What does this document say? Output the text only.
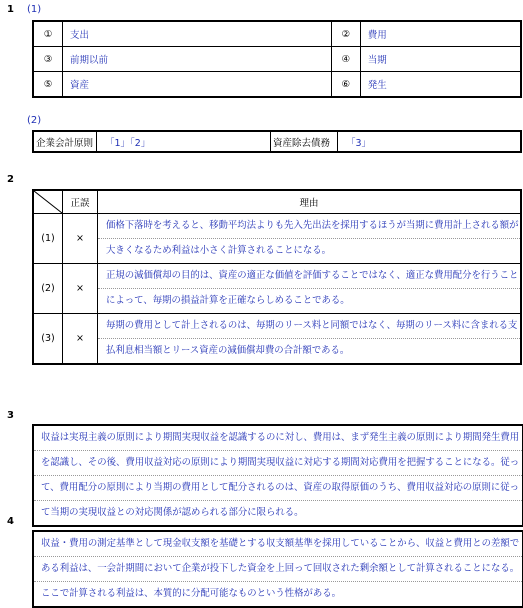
1 (1)
①	支出	②	費用
③	前期以前	④	当期
⑤	資産	⑥	発生
(2)
企業会計原則	「1」「2」	資産除去債務	「3」
2
	正誤	理由
(1)	×	価格下落時を考えると、移動平均法よりも先入先出法を採用するほうが当期に費用計上される額が
大きくなるため利益は小さく計算されることになる。

(2)	×	正規の減価償却の目的は、資産の適正な価値を評価することではなく、適正な費用配分を行うこと
によって、毎期の損益計算を正確ならしめることである。

(3)	×	毎期の費用として計上されるのは、毎期のリース料と同額ではなく、毎期のリース料に含まれる支
払利息相当額とリース資産の減価償却費の合計額である。
3
収益は実現主義の原則により期間実現収益を認識するのに対し、費用は、まず発生主義の原則により期間発生費用
を認識し、その後、費用収益対応の原則により期間実現収益に対応する期間対応費用を把握することになる。従っ
て、費用配分の原則により当期の費用として配分されるのは、資産の取得原価のうち、費用収益対応の原則に従っ
て当期の実現収益との対応関係が認められる部分に限られる。
4
収益・費用の測定基準として現金収支額を基礎とする収支額基準を採用していることから、収益と費用との差額で
ある利益は、一会計期間において企業が投下した資金を上回って回収された剰余額として計算されることになる。
ここで計算される利益は、本質的に分配可能なものという性格がある。
